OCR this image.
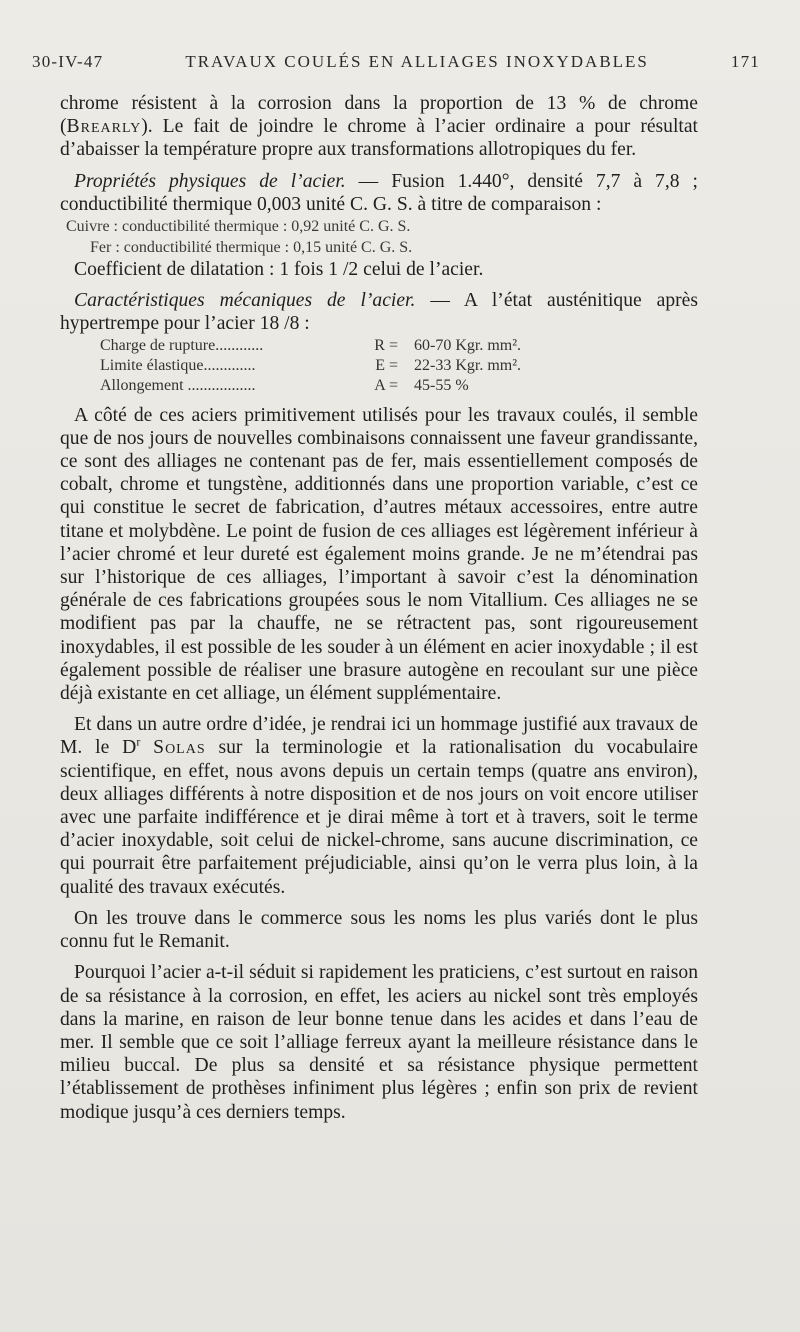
30-IV-47	TRAVAUX COULÉS EN ALLIAGES INOXYDABLES	171

chrome résistent à la corrosion dans la proportion de 13 % de chrome (Brearly). Le fait de joindre le chrome à l’acier ordinaire a pour résultat d’abaisser la température propre aux transformations allotropiques du fer.

Propriétés physiques de l’acier. — Fusion 1.440°, densité 7,7 à 7,8 ; conductibilité thermique 0,003 unité C. G. S. à titre de comparaison :

Cuivre : conductibilité thermique : 0,92 unité C. G. S.
Fer : conductibilité thermique : 0,15 unité C. G. S.

Coefficient de dilatation : 1 fois 1 /2 celui de l’acier.

Caractéristiques mécaniques de l’acier. — A l’état austénitique après hypertrempe pour l’acier 18 /8 :

Charge de rupture............	R =	60-70 Kgr. mm².
Limite élastique.............	E =	22-33 Kgr. mm².
Allongement .................	A =	45-55 %

A côté de ces aciers primitivement utilisés pour les travaux coulés, il semble que de nos jours de nouvelles combinaisons connaissent une faveur grandissante, ce sont des alliages ne contenant pas de fer, mais essentiellement composés de cobalt, chrome et tungstène, additionnés dans une proportion variable, c’est ce qui constitue le secret de fabrication, d’autres métaux accessoires, entre autre titane et molybdène. Le point de fusion de ces alliages est légèrement inférieur à l’acier chromé et leur dureté est également moins grande. Je ne m’étendrai pas sur l’historique de ces alliages, l’important à savoir c’est la dénomination générale de ces fabrications groupées sous le nom Vitallium. Ces alliages ne se modifient pas par la chauffe, ne se rétractent pas, sont rigoureusement inoxydables, il est possible de les souder à un élément en acier inoxydable ; il est également possible de réaliser une brasure autogène en recoulant sur une pièce déjà existante en cet alliage, un élément supplémentaire.

Et dans un autre ordre d’idée, je rendrai ici un hommage justifié aux travaux de M. le $D^r$ Solas sur la terminologie et la rationalisation du vocabulaire scientifique, en effet, nous avons depuis un certain temps (quatre ans environ), deux alliages différents à notre disposition et de nos jours on voit encore utiliser avec une parfaite indifférence et je dirai même à tort et à travers, soit le terme d’acier inoxydable, soit celui de nickel-chrome, sans aucune discrimination, ce qui pourrait être parfaitement préjudiciable, ainsi qu’on le verra plus loin, à la qualité des travaux exécutés.

On les trouve dans le commerce sous les noms les plus variés dont le plus connu fut le Remanit.

Pourquoi l’acier a-t-il séduit si rapidement les praticiens, c’est surtout en raison de sa résistance à la corrosion, en effet, les aciers au nickel sont très employés dans la marine, en raison de leur bonne tenue dans les acides et dans l’eau de mer. Il semble que ce soit l’alliage ferreux ayant la meilleure résistance dans le milieu buccal. De plus sa densité et sa résistance physique permettent l’établissement de prothèses infiniment plus légères ; enfin son prix de revient modique jusqu’à ces derniers temps.
